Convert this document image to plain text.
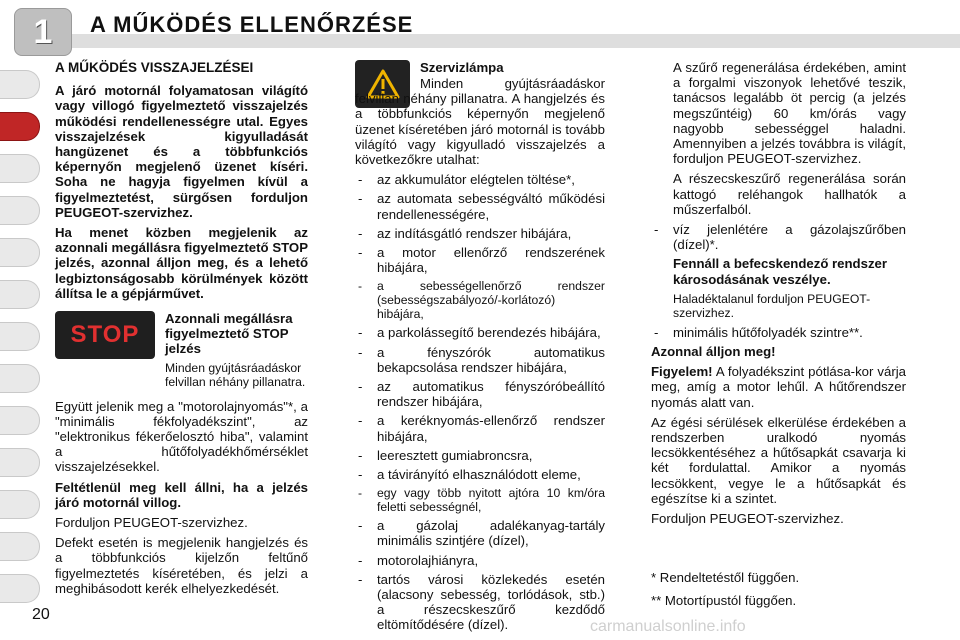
1	A MŰKÖDÉS ELLENŐRZÉSE
A MŰKÖDÉS VISSZAJELZÉSEI

A járó motornál folyamatosan világító vagy villogó figyelmeztető visszajelzés működési rendellenességre utal. Egyes visszajelzések kigyulladását hangüzenet és a többfunkciós képernyőn megjelenő üzenet kíséri. Soha ne hagyja figyelmen kívül a figyelmeztetést, sürgősen forduljon PEUGEOT-szervizhez.

Ha menet közben megjelenik az azonnali megállásra figyelmeztető STOP jelzés, azonnal álljon meg, és a lehető legbiztonságosabb körülmények között állítsa le a gépjárművet.

STOP
Azonnali megállásra figyelmeztető STOP jelzés
Minden gyújtásráadáskor felvillan néhány pillanatra.

Együtt jelenik meg a "motorolajnyomás"*, a "minimális fékfolyadékszint", az "elektronikus fékerőelosztó hiba", valamint a hűtőfolyadékhőmérséklet visszajelzésekkel.

Feltétlenül meg kell állni, ha a jelzés járó motornál villog.

Forduljon PEUGEOT-szervizhez.

Defekt esetén is megjelenik hangjelzés és a többfunkciós kijelzőn feltűnő figyelmeztetés kíséretében, és jelzi a meghibásodott kerék elhelyezkedését.

Szervizlámpa

Minden gyújtásráadáskor felvillan néhány pillanatra. A hangjelzés és a többfunkciós képernyőn megjelenő üzenet kíséretében járó motornál is tovább világító vagy kigyulladó visszajelzés a következőkre utalhat:

- az akkumulátor elégtelen töltése*,
- az automata sebességváltó működési rendellenességére,
- az indításgátló rendszer hibájára,
- a motor ellenőrző rendszerének hibájára,
- a sebességellenőrző rendszer (sebességszabályozó/-korlátozó) hibájára,
- a parkolássegítő berendezés hibájára,
- a fényszórók automatikus bekapcsolása rendszer hibájára,
- az automatikus fényszóróbeállító rendszer hibájára,
- a keréknyomás-ellenőrző rendszer hibájára,
- leeresztett gumiabroncsra,
- a távirányító elhasználódott eleme,
- egy vagy több nyitott ajtóra 10 km/óra feletti sebességnél,
- a gázolaj adalékanyag-tartály minimális szintjére (dízel),
- motorolajhiányra,
- tartós városi közlekedés esetén (alacsony sebesség, torlódások, stb.) a részecskeszűrő kezdődő eltömítődésére (dízel).

A szűrő regenerálása érdekében, amint a forgalmi viszonyok lehetővé teszik, tanácsos legalább öt percig (a jelzés megszűntéig) 60 km/órás vagy nagyobb sebességgel haladni. Amennyiben a jelzés továbbra is világít, forduljon PEUGEOT-szervizhez.

A részecskeszűrő regenerálása során kattogó reléhangok hallhatók a műszerfalból.

- víz jelenlétére a gázolajszűrőben (dízel)*.

Fennáll a befecskendező rendszer károsodásának veszélye.

Haladéktalanul forduljon PEUGEOT-szervizhez.

- minimális hűtőfolyadék szintre**.

Azonnal álljon meg!

Figyelem! A folyadékszint pótlása-kor várja meg, amíg a motor lehűl. A hűtőrendszer nyomás alatt van.

Az égési sérülések elkerülése érdekében a rendszerben uralkodó nyomás lecsökkentéséhez a hűtősapkát csavarja ki két fordulattal. Amikor a nyomás lecsökkent, vegye le a hűtősapkát és egészítse ki a szintet.

Forduljon PEUGEOT-szervizhez.

* Rendeltetéstől függően.
** Motortípustól függően.
20
carmanualsonline.info
